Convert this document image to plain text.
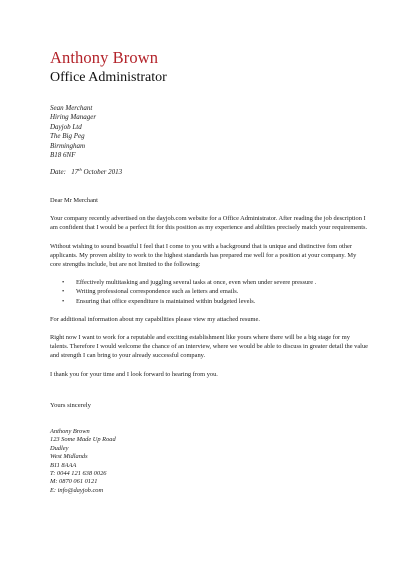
Anthony Brown
Office Administrator
Sean Merchant
Hiring Manager
Dayjob Ltd
The Big Peg
Birmingham
B18 6NF
Date: 17th October 2013

Dear Mr Merchant

Your company recently advertised on the dayjob.com website for a Office Administrator. After reading the job description I am confident that I would be a perfect fit for this position as my experience and abilities precisely match your requirements.

Without wishing to sound boastful I feel that I come to you with a background that is unique and distinctive fom other applicants. My proven ability to work to the highest standards has prepared me well for a position at your company. My core strengths include, but are not limited to the following:

• Effectively multitasking and juggling several tasks at once, even when under severe pressure .
• Writing professional correspondence such as letters and emails.
• Ensuring that office expenditure is maintained within budgeted levels.

For additional information about my capabilities please view my attached resume.

Right now I want to work for a reputable and exciting establishment like yours where there will be a big stage for my talents. Therefore I would welcome the chance of an interview, where we would be able to discuss in greater detail the value and strength I can bring to your already successful company.

I thank you for your time and I look forward to hearing from you.

Yours sincerely
Anthony Brown
123 Some Made Up Road
Dudley
West Midlands
B11 8AAA
T: 0044 121 638 0026
M: 0870 061 0121
E: info@dayjob.com
